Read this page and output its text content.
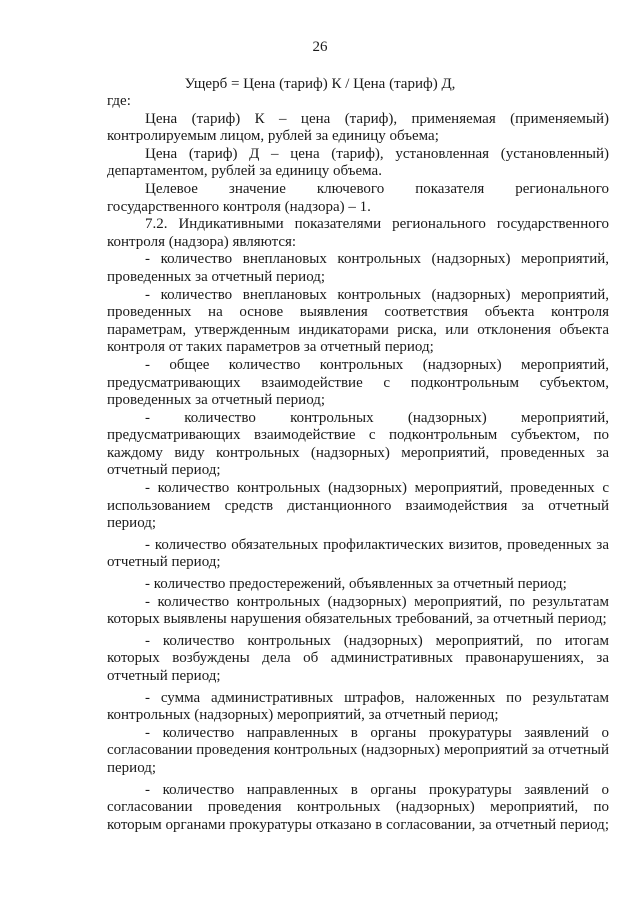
26
Ущерб = Цена (тариф) К / Цена (тариф) Д,

где:

Цена (тариф) К – цена (тариф), применяемая (применяемый) контролируемым лицом, рублей за единицу объема;

Цена (тариф) Д – цена (тариф), установленная (установленный) департаментом, рублей за единицу объема.

Целевое значение ключевого показателя регионального государственного контроля (надзора) – 1.

7.2. Индикативными показателями регионального государственного контроля (надзора) являются:

- количество внеплановых контрольных (надзорных) мероприятий, проведенных за отчетный период;

- количество внеплановых контрольных (надзорных) мероприятий, проведенных на основе выявления соответствия объекта контроля параметрам, утвержденным индикаторами риска, или отклонения объекта контроля от таких параметров за отчетный период;

- общее количество контрольных (надзорных) мероприятий, предусматривающих взаимодействие с подконтрольным субъектом, проведенных за отчетный период;

- количество контрольных (надзорных) мероприятий, предусматривающих взаимодействие с подконтрольным субъектом, по каждому виду контрольных (надзорных) мероприятий, проведенных за отчетный период;

- количество контрольных (надзорных) мероприятий, проведенных с использованием средств дистанционного взаимодействия за отчетный период;

- количество обязательных профилактических визитов, проведенных за отчетный период;

- количество предостережений, объявленных за отчетный период;

- количество контрольных (надзорных) мероприятий, по результатам которых выявлены нарушения обязательных требований, за отчетный период;

- количество контрольных (надзорных) мероприятий, по итогам которых возбуждены дела об административных правонарушениях, за отчетный период;

- сумма административных штрафов, наложенных по результатам контрольных (надзорных) мероприятий, за отчетный период;

- количество направленных в органы прокуратуры заявлений о согласовании проведения контрольных (надзорных) мероприятий за отчетный период;

- количество направленных в органы прокуратуры заявлений о согласовании проведения контрольных (надзорных) мероприятий, по которым органами прокуратуры отказано в согласовании, за отчетный период;
